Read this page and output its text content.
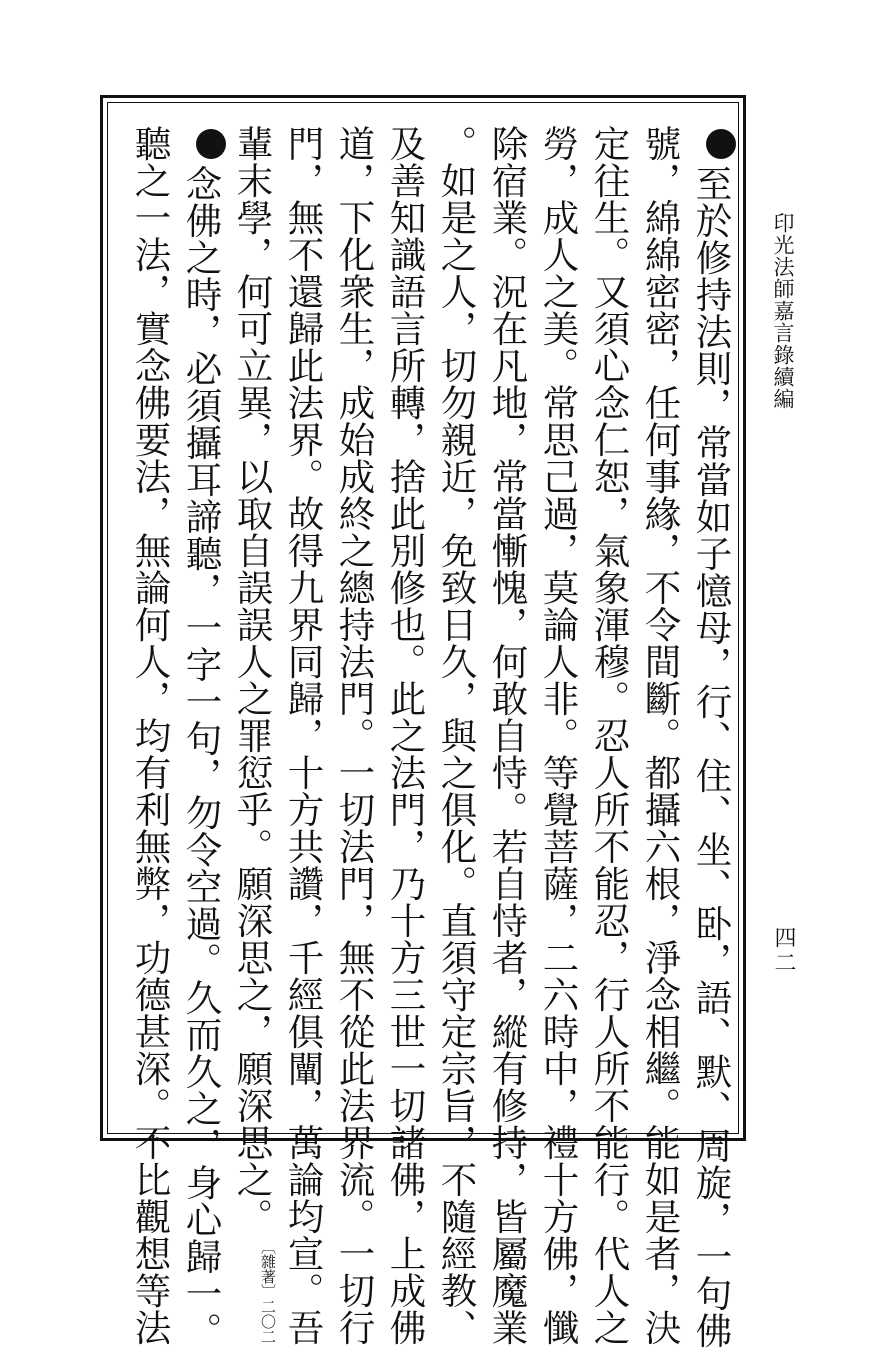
印光法師嘉言錄續編
四二
至於修持法則，常當如子憶母，行、住、坐、卧，語、默、周旋，一句佛
號，綿綿密密，任何事緣，不令間斷。都攝六根，淨念相繼。能如是者，決
定往生。又須心念仁恕，氣象渾穆。忍人所不能忍，行人所不能行。代人之
勞，成人之美。常思己過，莫論人非。等覺菩薩，二六時中，禮十方佛，懺
除宿業。況在凡地，常當慚愧，何敢自恃。若自恃者，縱有修持，皆屬魔業
。如是之人，切勿親近，免致日久，與之俱化。直須守定宗旨，不隨經教、
及善知識語言所轉，捨此別修也。此之法門，乃十方三世一切諸佛，上成佛
道，下化衆生，成始成終之總持法門。一切法門，無不從此法界流。一切行
門，無不還歸此法界。故得九界同歸，十方共讚，千經俱闡，萬論均宣。吾
輩末學，何可立異，以取自誤誤人之罪愆乎。願深思之，願深思之。〔雜著〕二〇二
念佛之時，必須攝耳諦聽，一字一句，勿令空過。久而久之，身心歸一。
聽之一法，實念佛要法，無論何人，均有利無弊，功德甚深。不比觀想等法
